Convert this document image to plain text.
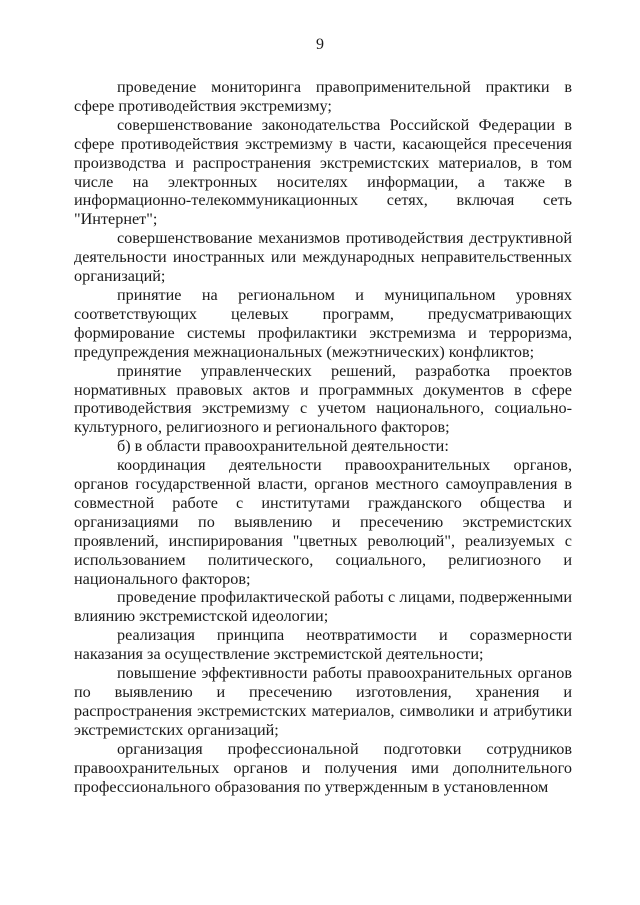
9

проведение мониторинга правоприменительной практики в сфере противодействия экстремизму;

совершенствование законодательства Российской Федерации в сфере противодействия экстремизму в части, касающейся пресечения производства и распространения экстремистских материалов, в том числе на электронных носителях информации, а также в информационно-телекоммуникационных сетях, включая сеть "Интернет";

совершенствование механизмов противодействия деструктивной деятельности иностранных или международных неправительственных организаций;

принятие на региональном и муниципальном уровнях соответствующих целевых программ, предусматривающих формирование системы профилактики экстремизма и терроризма, предупреждения межнациональных (межэтнических) конфликтов;

принятие управленческих решений, разработка проектов нормативных правовых актов и программных документов в сфере противодействия экстремизму с учетом национального, социально-культурного, религиозного и регионального факторов;

б) в области правоохранительной деятельности:

координация деятельности правоохранительных органов, органов государственной власти, органов местного самоуправления в совместной работе с институтами гражданского общества и организациями по выявлению и пресечению экстремистских проявлений, инспирирования "цветных революций", реализуемых с использованием политического, социального, религиозного и национального факторов;

проведение профилактической работы с лицами, подверженными влиянию экстремистской идеологии;

реализация принципа неотвратимости и соразмерности наказания за осуществление экстремистской деятельности;

повышение эффективности работы правоохранительных органов по выявлению и пресечению изготовления, хранения и распространения экстремистских материалов, символики и атрибутики экстремистских организаций;

организация профессиональной подготовки сотрудников правоохранительных органов и получения ими дополнительного профессионального образования по утвержденным в установленном
